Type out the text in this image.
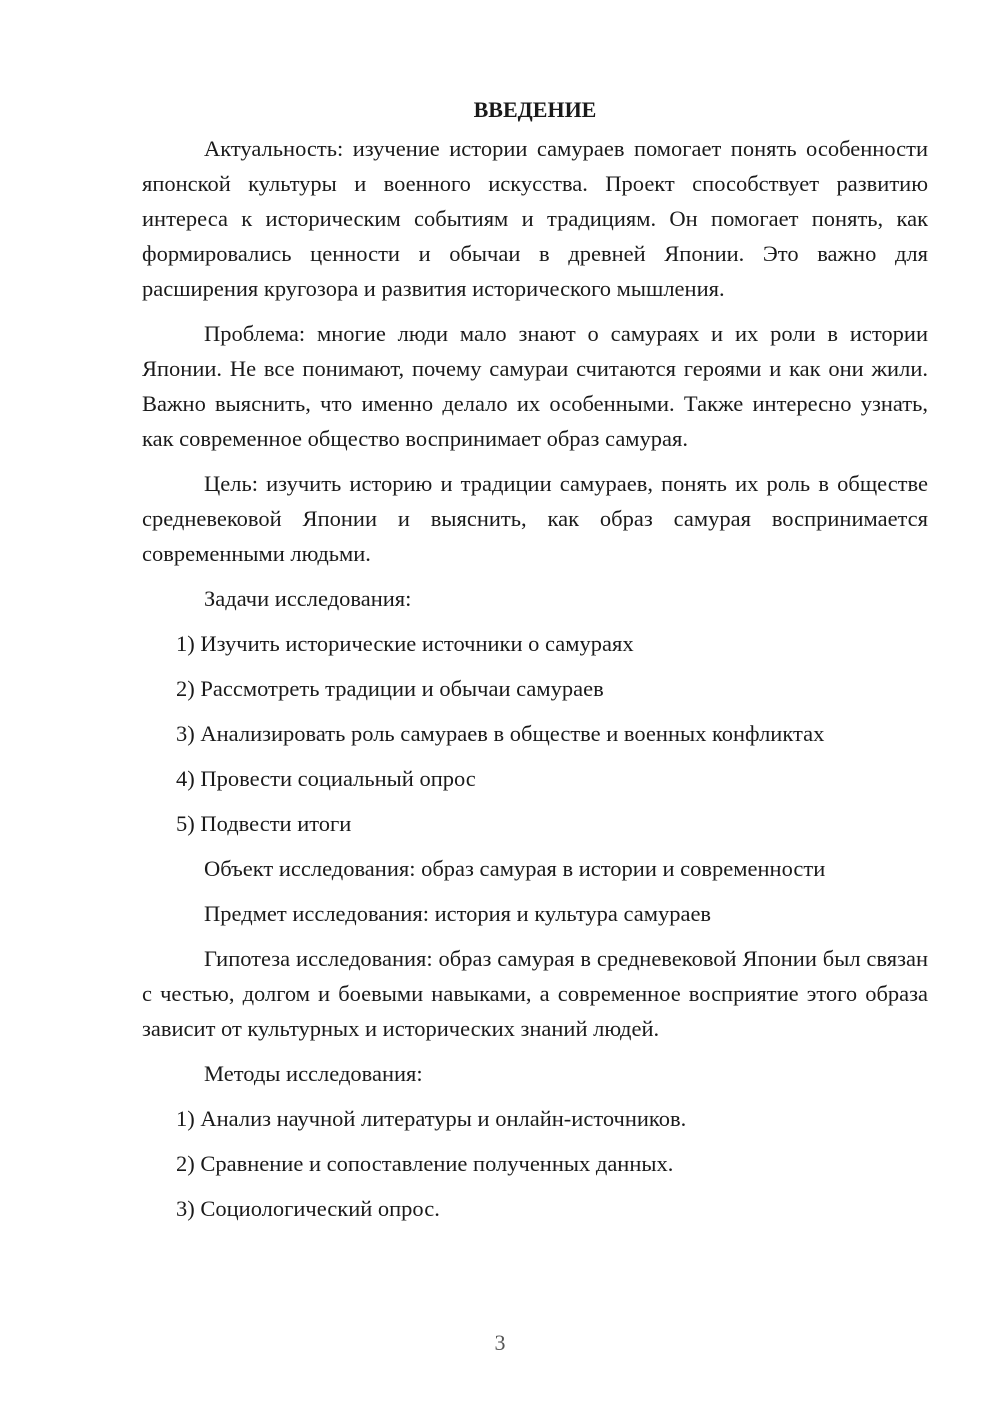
ВВЕДЕНИЕ

Актуальность: изучение истории самураев помогает понять особенности японской культуры и военного искусства. Проект способствует развитию интереса к историческим событиям и традициям. Он помогает понять, как формировались ценности и обычаи в древней Японии. Это важно для расширения кругозора и развития исторического мышления.

Проблема: многие люди мало знают о самураях и их роли в истории Японии. Не все понимают, почему самураи считаются героями и как они жили. Важно выяснить, что именно делало их особенными. Также интересно узнать, как современное общество воспринимает образ самурая.

Цель: изучить историю и традиции самураев, понять их роль в обществе средневековой Японии и выяснить, как образ самурая воспринимается современными людьми.

Задачи исследования:
1) Изучить исторические источники о самураях
2) Рассмотреть традиции и обычаи самураев
3) Анализировать роль самураев в обществе и военных конфликтах
4) Провести социальный опрос
5) Подвести итоги
Объект исследования: образ самурая в истории и современности
Предмет исследования: история и культура самураев

Гипотеза исследования: образ самурая в средневековой Японии был связан с честью, долгом и боевыми навыками, а современное восприятие этого образа зависит от культурных и исторических знаний людей.

Методы исследования:
1) Анализ научной литературы и онлайн-источников.
2) Сравнение и сопоставление полученных данных.
3) Социологический опрос.
3
